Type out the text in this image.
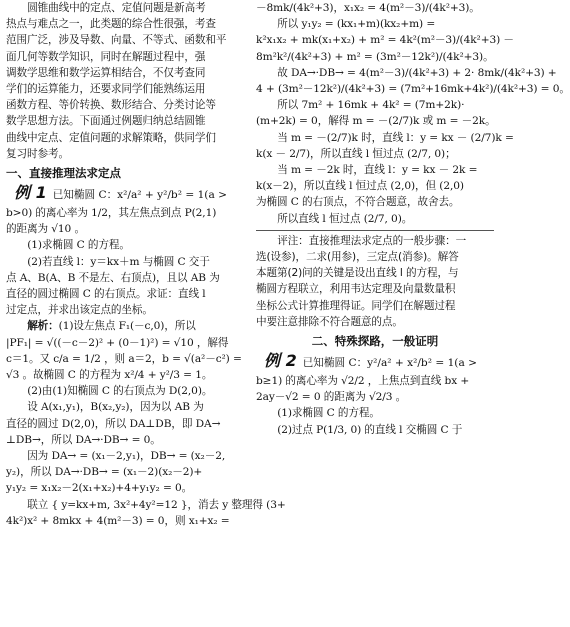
圆锥曲线中的定点、定值问题是新高考
热点与难点之一，此类题的综合性很强，考查
范围广泛，涉及导数、向量、不等式、函数和平
面几何等数学知识，同时在解题过程中，强
调数学思维和数学运算相结合，不仅考查同
学们的运算能力，还要求同学们能熟练运用
函数方程、等价转换、数形结合、分类讨论等
数学思想方法。下面通过例题归纳总结圆锥
曲线中定点、定值问题的求解策略，供同学们
复习时参考。
一、直接推理法求定点
例 1 已知椭圆 C：x²/a² + y²/b² = 1(a >
b>0) 的离心率为 1/2，其左焦点到点 P(2,1)
的距离为 √10 。
(1)求椭圆 C 的方程。
(2)若直线 l：y＝kx＋m 与椭圆 C 交于
点 A、B(A、B 不是左、右顶点)，且以 AB 为
直径的圆过椭圆 C 的右顶点。求证：直线 l
过定点，并求出该定点的坐标。
解析：(1)设左焦点 F₁(－c,0)，所以
|PF₁| = √((－c－2)² + (0－1)²) = √10 ，解得
c＝1。又 c/a = 1/2 ，则 a＝2，b = √(a²－c²) =
√3 。故椭圆 C 的方程为 x²/4 + y²/3 = 1。
(2)由(1)知椭圆 C 的右顶点为 D(2,0)。
设 A(x₁,y₁)，B(x₂,y₂)，因为以 AB 为
直径的圆过 D(2,0)，所以 DA⊥DB，即 DA→
⊥DB→，所以 DA→·DB→ = 0。
因为 DA→ = (x₁－2,y₁)，DB→ = (x₂－2,
y₂)，所以 DA→·DB→ = (x₁－2)(x₂－2)+
y₁y₂ = x₁x₂－2(x₁+x₂)+4+y₁y₂ = 0。
联立 { y=kx+m, 3x²+4y²=12 }，消去 y 整理得 (3+
4k²)x² + 8mkx + 4(m²－3) = 0，则 x₁+x₂ =
－8mk/(4k²+3)，x₁x₂ = 4(m²－3)/(4k²+3)。
所以 y₁y₂ = (kx₁+m)(kx₂+m) =
k²x₁x₂ + mk(x₁+x₂) + m² = 4k²(m²－3)/(4k²+3) －
8m²k²/(4k²+3) + m² = (3m²－12k²)/(4k²+3)。
故 DA→·DB→ = 4(m²－3)/(4k²+3) + 2· 8mk/(4k²+3) +
4 + (3m²－12k²)/(4k²+3) = (7m²+16mk+4k²)/(4k²+3) = 0。
所以 7m² + 16mk + 4k² = (7m+2k)·
(m+2k) = 0，解得 m = －(2/7)k 或 m = －2k。
当 m = －(2/7)k 时，直线 l：y = kx － (2/7)k =
k(x － 2/7)，所以直线 l 恒过点 (2/7, 0)；
当 m = －2k 时，直线 l：y = kx － 2k =
k(x－2)，所以直线 l 恒过点 (2,0)，但 (2,0)
为椭圆 C 的右顶点，不符合题意，故舍去。
所以直线 l 恒过点 (2/7, 0)。
评注：直接推理法求定点的一般步骤：一
选(设参)，二求(用参)，三定点(消参)。解答
本题第(2)问的关键是设出直线 l 的方程，与
椭圆方程联立，利用韦达定理及向量数量积
坐标公式计算推理得证。同学们在解题过程
中要注意排除不符合题意的点。
二、特殊探路，一般证明
例 2 已知椭圆 C：y²/a² + x²/b² = 1(a >
b≥1) 的离心率为 √2/2 ，上焦点到直线 bx +
2ay－√2 = 0 的距离为 √2/3 。
(1)求椭圆 C 的方程。
(2)过点 P(1/3, 0) 的直线 l 交椭圆 C 于
